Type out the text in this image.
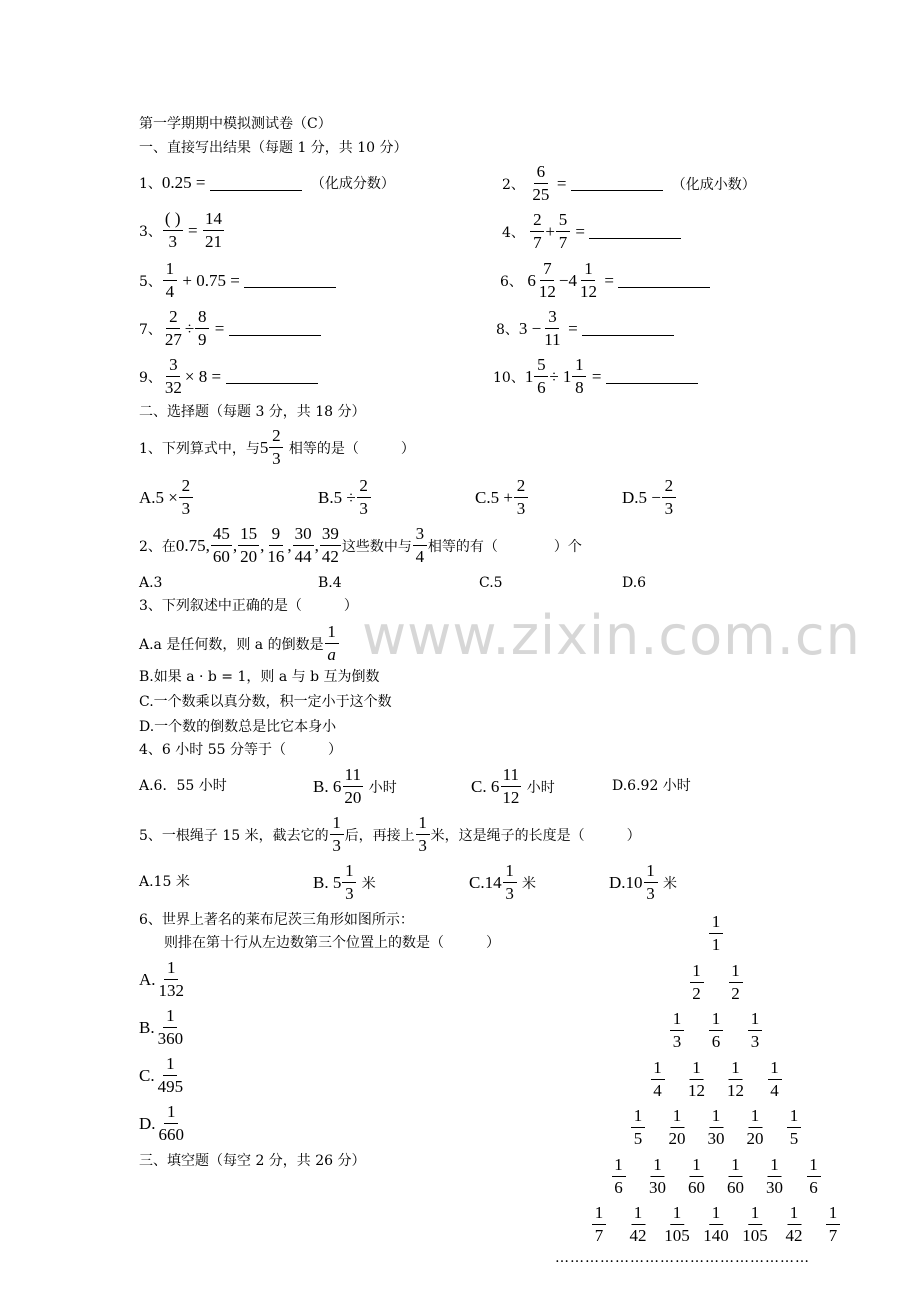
www.zixin.com.cn
第一学期期中模拟测试卷（C）
一、直接写出结果（每题 1 分，共 10 分）
1、 0.25 =

	（化成分数）	2、
$\frac{6}{25}$
=

	（化成小数）
3、 $\frac{( )}{3}$
=
$\frac{14}{21}$	4、
$\frac{2}{7} + \frac{5}{7}$
=

5、 $\frac{1}{4}$
+ 0.75 =
	6、
$6 \frac{7}{12} - 4 \frac{1}{12}$
=

7、 $\frac{2}{27} \div \frac{8}{9}$
=
	8、 $3 - \frac{3}{11}$
=

9、 $\frac{3}{32} \times 8$ =
	10、 $1 \frac{5}{6} \div 1 \frac{1}{8}$
=

二、选择题（每题 3 分，共 18 分）
1、下列算式中，与 $5 \frac{2}{3}$
相等的是（　　　）
$A.5 \times \frac{2}{3}$	$B.5 \div \frac{2}{3}$	$C.5 + \frac{2}{3}$	$D.5 - \frac{2}{3}$
2、在 0.75, $\frac{45}{60}$ , $\frac{15}{20}$ , $\frac{9}{16}$ , $\frac{30}{44}$ , $\frac{39}{42}$ 这些数中与 $\frac{3}{4}$ 相等的有（　　　　）个
A.3	B.4	C.5	D.6
3、下列叙述中正确的是（　　　）
A.a 是任何数，则 a 的倒数是 $\frac{1}{a}$
B.如果 a · b = 1，则 a 与 b 互为倒数
C.一个数乘以真分数，积一定小于这个数
D.一个数的倒数总是比它本身小
4、6 小时 55 分等于（　　　）
A.6．55 小时	B. $6 \frac{11}{20}$
小时	C. $6 \frac{11}{12}$
小时	D.6.92 小时
5、一根绳子 15 米，截去它的 $\frac{1}{3}$ 后，再接上 $\frac{1}{3}$ 米，这是绳子的长度是（　　　）
A.15 米	B. $5 \frac{1}{3}$
米	$C.14 \frac{1}{3}$
米	$D.10 \frac{1}{3}$
米
6、世界上著名的莱布尼茨三角形如图所示：
则排在第十行从左边数第三个位置上的数是（　　　）
A. $\frac{1}{132}$
B. $\frac{1}{360}$
C. $\frac{1}{495}$
D. $\frac{1}{660}$
三、填空题（每空 2 分，共 26 分）
$\frac{1}{1}$
$\frac{1}{2} \frac{1}{2}$
$\frac{1}{3} \frac{1}{6} \frac{1}{3}$
$\frac{1}{4} \frac{1}{12} \frac{1}{12} \frac{1}{4}$
$\frac{1}{5} \frac{1}{20} \frac{1}{30} \frac{1}{20} \frac{1}{5}$
$\frac{1}{6} \frac{1}{30} \frac{1}{60} \frac{1}{60} \frac{1}{30} \frac{1}{6}$
$\frac{1}{7} \frac{1}{42} \frac{1}{105} \frac{1}{140} \frac{1}{105} \frac{1}{42} \frac{1}{7}$
……………………………………………
